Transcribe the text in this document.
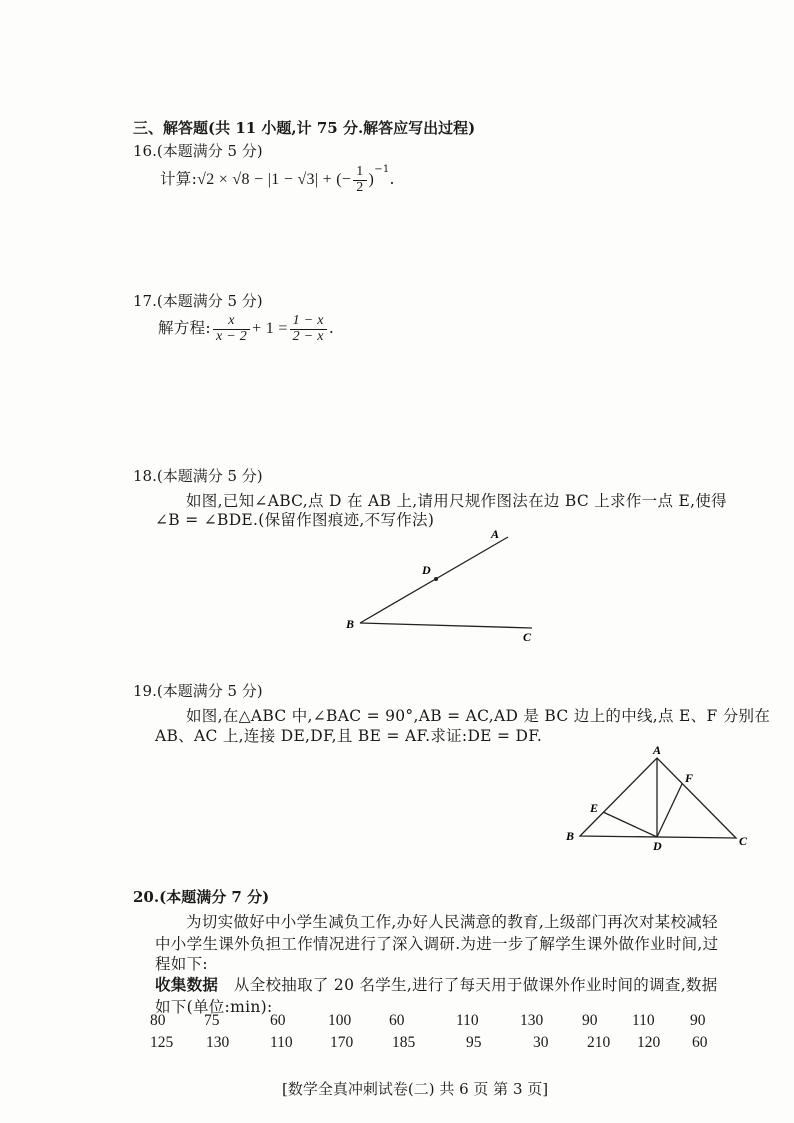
三、解答题(共 11 小题,计 75 分.解答应写出过程)
16.(本题满分 5 分)
计算:√2 × √8 − |1 − √3| + (− $\frac{1}{2} )^{-1}$.
17.(本题满分 5 分)
解方程: $\frac{x}{x - 2} + 1 = \frac{1 - x}{2 - x}$ .
18.(本题满分 5 分)
如图,已知∠ABC,点 D 在 AB 上,请用尺规作图法在边 BC 上求作一点 E,使得
∠B = ∠BDE.(保留作图痕迹,不写作法)
A
B
C
D
19.(本题满分 5 分)
如图,在△ABC 中,∠BAC = 90°,AB = AC,AD 是 BC 边上的中线,点 E、F 分别在
AB、AC 上,连接 DE,DF,且 BE = AF.求证:DE = DF.
A
B	C
D
E
F
20.(本题满分 7 分)
为切实做好中小学生减负工作,办好人民满意的教育,上级部门再次对某校减轻
中小学生课外负担工作情况进行了深入调研.为进一步了解学生课外做作业时间,过
程如下:
收集数据 从全校抽取了 20 名学生,进行了每天用于做课外作业时间的调查,数据
如下(单位:min):
80 75	60	100 60	110	130	90 110 90
125 130	110 170	185	95	30 210 120 60
[数学全真冲刺试卷(二) 共 6 页 第 3 页]
